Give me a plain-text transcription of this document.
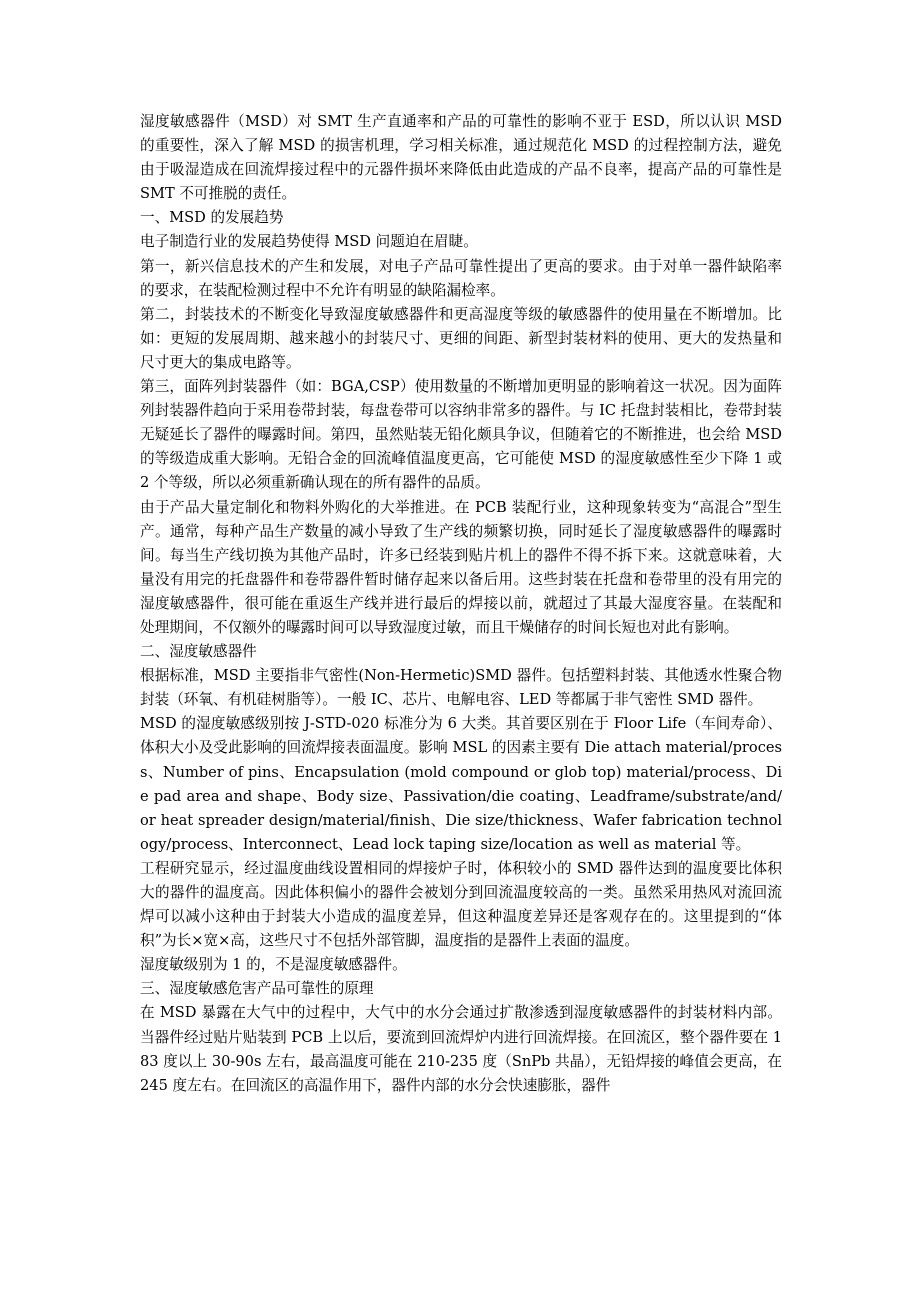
湿度敏感器件（MSD）对 SMT 生产直通率和产品的可靠性的影响不亚于 ESD，所以认识 MSD 的重要性，深入了解 MSD 的损害机理，学习相关标准，通过规范化 MSD 的过程控制方法，避免由于吸湿造成在回流焊接过程中的元器件损坏来降低由此造成的产品不良率，提高产品的可靠性是 SMT 不可推脱的责任。

一、MSD 的发展趋势

电子制造行业的发展趋势使得 MSD 问题迫在眉睫。

第一，新兴信息技术的产生和发展，对电子产品可靠性提出了更高的要求。由于对单一器件缺陷率的要求，在装配检测过程中不允许有明显的缺陷漏检率。

第二，封装技术的不断变化导致湿度敏感器件和更高湿度等级的敏感器件的使用量在不断增加。比如：更短的发展周期、越来越小的封装尺寸、更细的间距、新型封装材料的使用、更大的发热量和尺寸更大的集成电路等。

第三，面阵列封装器件（如：BGA,CSP）使用数量的不断增加更明显的影响着这一状况。因为面阵列封装器件趋向于采用卷带封装，每盘卷带可以容纳非常多的器件。与 IC 托盘封装相比，卷带封装无疑延长了器件的曝露时间。第四，虽然贴装无铅化颇具争议，但随着它的不断推进，也会给 MSD 的等级造成重大影响。无铅合金的回流峰值温度更高，它可能使 MSD 的湿度敏感性至少下降 1 或 2 个等级，所以必须重新确认现在的所有器件的品质。

由于产品大量定制化和物料外购化的大举推进。在 PCB 装配行业，这种现象转变为“高混合”型生产。通常，每种产品生产数量的减小导致了生产线的频繁切换，同时延长了湿度敏感器件的曝露时间。每当生产线切换为其他产品时，许多已经装到贴片机上的器件不得不拆下来。这就意味着，大量没有用完的托盘器件和卷带器件暂时储存起来以备后用。这些封装在托盘和卷带里的没有用完的湿度敏感器件，很可能在重返生产线并进行最后的焊接以前，就超过了其最大湿度容量。在装配和处理期间，不仅额外的曝露时间可以导致湿度过敏，而且干燥储存的时间长短也对此有影响。

二、湿度敏感器件

根据标准，MSD 主要指非气密性(Non-Hermetic)SMD 器件。包括塑料封装、其他透水性聚合物封装（环氧、有机硅树脂等）。一般 IC、芯片、电解电容、LED 等都属于非气密性 SMD 器件。

MSD 的湿度敏感级别按 J-STD-020 标准分为 6 大类。其首要区别在于 Floor Life（车间寿命）、体积大小及受此影响的回流焊接表面温度。影响 MSL 的因素主要有 Die attach material/process、Number of pins、Encapsulation (mold compound or glob top) material/process、Die pad area and shape、Body size、Passivation/die coating、Leadframe/substrate/and/or heat spreader design/material/finish、Die size/thickness、Wafer fabrication technology/process、Interconnect、Lead lock taping size/location as well as material 等。

工程研究显示，经过温度曲线设置相同的焊接炉子时，体积较小的 SMD 器件达到的温度要比体积大的器件的温度高。因此体积偏小的器件会被划分到回流温度较高的一类。虽然采用热风对流回流焊可以减小这种由于封装大小造成的温度差异，但这种温度差异还是客观存在的。这里提到的“体积”为长×宽×高，这些尺寸不包括外部管脚，温度指的是器件上表面的温度。

湿度敏级别为 1 的，不是湿度敏感器件。

三、湿度敏感危害产品可靠性的原理

在 MSD 暴露在大气中的过程中，大气中的水分会通过扩散渗透到湿度敏感器件的封装材料内部。当器件经过贴片贴装到 PCB 上以后，要流到回流焊炉内进行回流焊接。在回流区，整个器件要在 183 度以上 30-90s 左右，最高温度可能在 210-235 度（SnPb 共晶），无铅焊接的峰值会更高，在 245 度左右。在回流区的高温作用下，器件内部的水分会快速膨胀，器件
